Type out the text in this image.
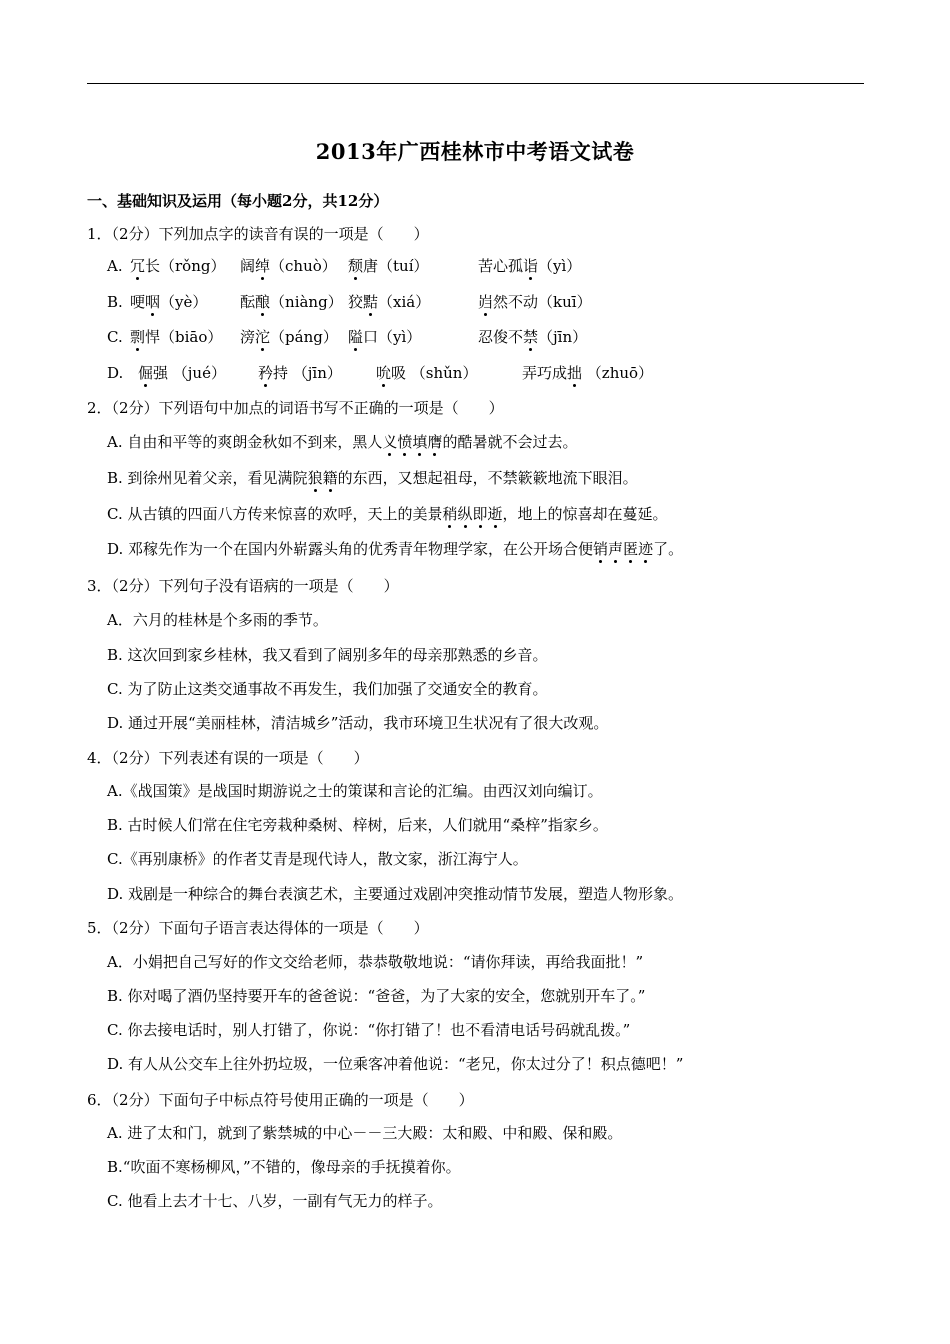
2013年广西桂林市中考语文试卷
一、基础知识及运用（每小题2分，共12分）
1．（2分）下列加点字的读音有误的一项是（　　）
A. 冗长（rǒng） 阔绰（chuò） 颓唐（tuí）	苦心孤诣（yì）
B. 哽咽（yè） 酝酿（niàng） 狡黠（xiá）	岿然不动（kuī）
C. 剽悍（biāo） 滂沱（páng） 隘口（yì）	忍俊不禁（jīn）
D. 倔强 （jué） 矜持 （jīn） 吮吸 （shǔn）	弄巧成拙 （zhuō）
2．（2分）下列语句中加点的词语书写不正确的一项是（　　）
A. 自由和平等的爽朗金秋如不到来，黑人义愤填膺的酷暑就不会过去。
B. 到徐州见着父亲，看见满院狼籍的东西，又想起祖母，不禁簌簌地流下眼泪。
C. 从古镇的四面八方传来惊喜的欢呼，天上的美景稍纵即逝，地上的惊喜却在蔓延。
D. 邓稼先作为一个在国内外崭露头角的优秀青年物理学家，在公开场合便销声匿迹了。
3．（2分）下列句子没有语病的一项是（　　）
A．六月的桂林是个多雨的季节。
B. 这次回到家乡桂林，我又看到了阔别多年的母亲那熟悉的乡音。
C. 为了防止这类交通事故不再发生，我们加强了交通安全的教育。
D. 通过开展“美丽桂林，清洁城乡”活动，我市环境卫生状况有了很大改观。
4．（2分）下列表述有误的一项是（　　）
A.《战国策》是战国时期游说之士的策谋和言论的汇编。由西汉刘向编订。
B. 古时候人们常在住宅旁栽种桑树、梓树，后来，人们就用“桑梓”指家乡。
C.《再别康桥》的作者艾青是现代诗人，散文家，浙江海宁人。
D. 戏剧是一种综合的舞台表演艺术，主要通过戏剧冲突推动情节发展，塑造人物形象。
5．（2分）下面句子语言表达得体的一项是（　　）
A．小娟把自己写好的作文交给老师，恭恭敬敬地说：“请你拜读，再给我面批！”
B. 你对喝了酒仍坚持要开车的爸爸说：“爸爸，为了大家的安全，您就别开车了。”
C. 你去接电话时，别人打错了，你说：“你打错了！也不看清电话号码就乱拨。”
D. 有人从公交车上往外扔垃圾，一位乘客冲着他说：“老兄，你太过分了！积点德吧！”
6．（2分）下面句子中标点符号使用正确的一项是（　　）
A. 进了太和门，就到了紫禁城的中心－－三大殿：太和殿、中和殿、保和殿。
B.“吹面不寒杨柳风，”不错的，像母亲的手抚摸着你。
C. 他看上去才十七、八岁，一副有气无力的样子。
